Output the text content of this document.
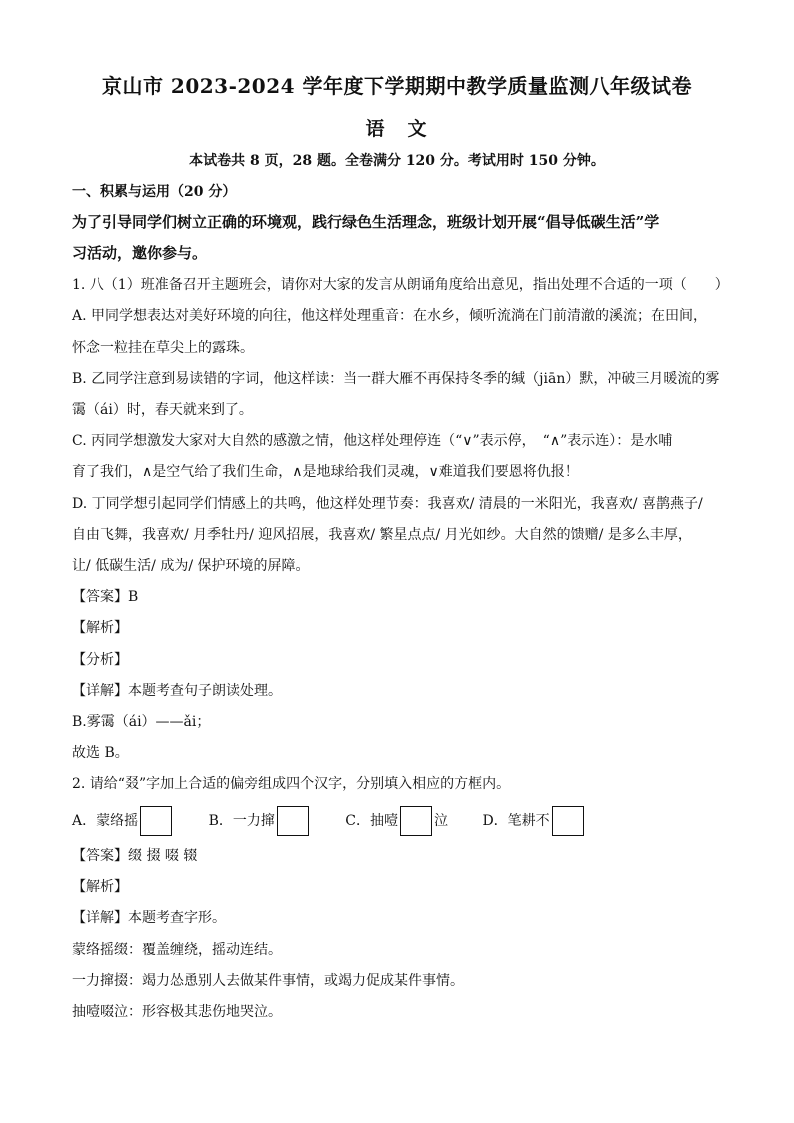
京山市 2023-2024 学年度下学期期中教学质量监测八年级试卷
语　文
本试卷共 8 页，28 题。全卷满分 120 分。考试用时 150 分钟。
一、积累与运用（20 分）
为了引导同学们树立正确的环境观，践行绿色生活理念，班级计划开展“倡导低碳生活”学
习活动，邀你参与。
1. 八（1）班准备召开主题班会，请你对大家的发言从朗诵角度给出意见，指出处理不合适的一项（　　）
A. 甲同学想表达对美好环境的向往，他这样处理重音：在水乡，倾听流淌在门前清澈的溪流；在田间，
怀念一粒挂在草尖上的露珠。
B. 乙同学注意到易读错的字词，他这样读：当一群大雁不再保持冬季的缄（jiān）默，冲破三月暖流的雾
霭（ái）时，春天就来到了。
C. 丙同学想激发大家对大自然的感激之情，他这样处理停连（“∨”表示停，　“∧”表示连）：是水哺
育了我们，∧是空气给了我们生命，∧是地球给我们灵魂，∨难道我们要恩将仇报！
D. 丁同学想引起同学们情感上的共鸣，他这样处理节奏：我喜欢/ 清晨的一米阳光，我喜欢/ 喜鹊燕子/
自由飞舞，我喜欢/ 月季牡丹/ 迎风招展，我喜欢/ 繁星点点/ 月光如纱。大自然的馈赠/ 是多么丰厚，
让/ 低碳生活/ 成为/ 保护环境的屏障。
【答案】B
【解析】
【分析】
【详解】本题考查句子朗读处理。
B.雾霭（ái）——ǎi；
故选 B。
2. 请给“叕”字加上合适的偏旁组成四个汉字，分别填入相应的方框内。
A．蒙络摇
	B．一力撺
	C．抽噎	泣
D．笔耕不
【答案】缀 掇 啜 辍
【解析】
【详解】本题考查字形。
蒙络摇缀：覆盖缠绕，摇动连结。
一力撺掇：竭力怂恿别人去做某件事情，或竭力促成某件事情。
抽噎啜泣：形容极其悲伤地哭泣。
